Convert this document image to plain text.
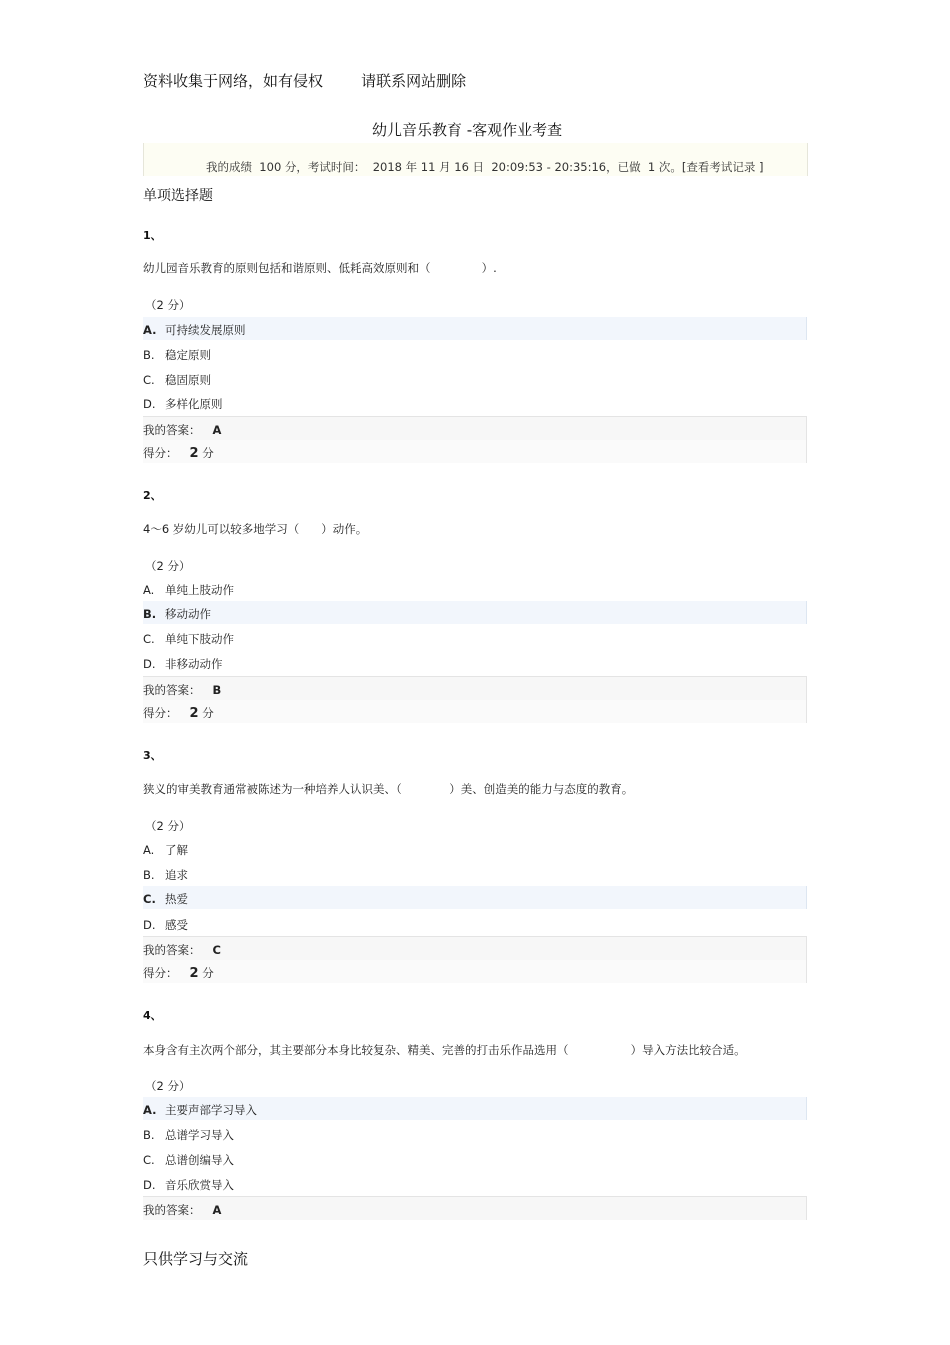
资料收集于网络，如有侵权	请联系网站删除
幼儿音乐教育 -客观作业考查
我的成绩  100 分，考试时间：  2018 年 11 月 16 日  20:09:53 - 20:35:16，已做  1 次。[查看考试记录 ]
单项选择题
1、
幼儿园音乐教育的原则包括和谐原则、低耗高效原则和（              ）.
（2 分）
A. 可持续发展原则
B. 稳定原则
C. 稳固原则
D. 多样化原则
我的答案： A
得分： 2 分
2、
4～6 岁幼儿可以较多地学习（      ）动作。
（2 分）
A. 单纯上肢动作
B. 移动动作
C. 单纯下肢动作
D. 非移动动作
我的答案： B
得分： 2 分
3、
狭义的审美教育通常被陈述为一种培养人认识美、（             ）美、创造美的能力与态度的教育。
（2 分）
A. 了解
B. 追求
C. 热爱
D. 感受
我的答案： C
得分： 2 分
4、
本身含有主次两个部分，其主要部分本身比较复杂、精美、完善的打击乐作品选用（                 ）导入方法比较合适。
（2 分）
A. 主要声部学习导入
B. 总谱学习导入
C. 总谱创编导入
D. 音乐欣赏导入
我的答案： A
只供学习与交流
